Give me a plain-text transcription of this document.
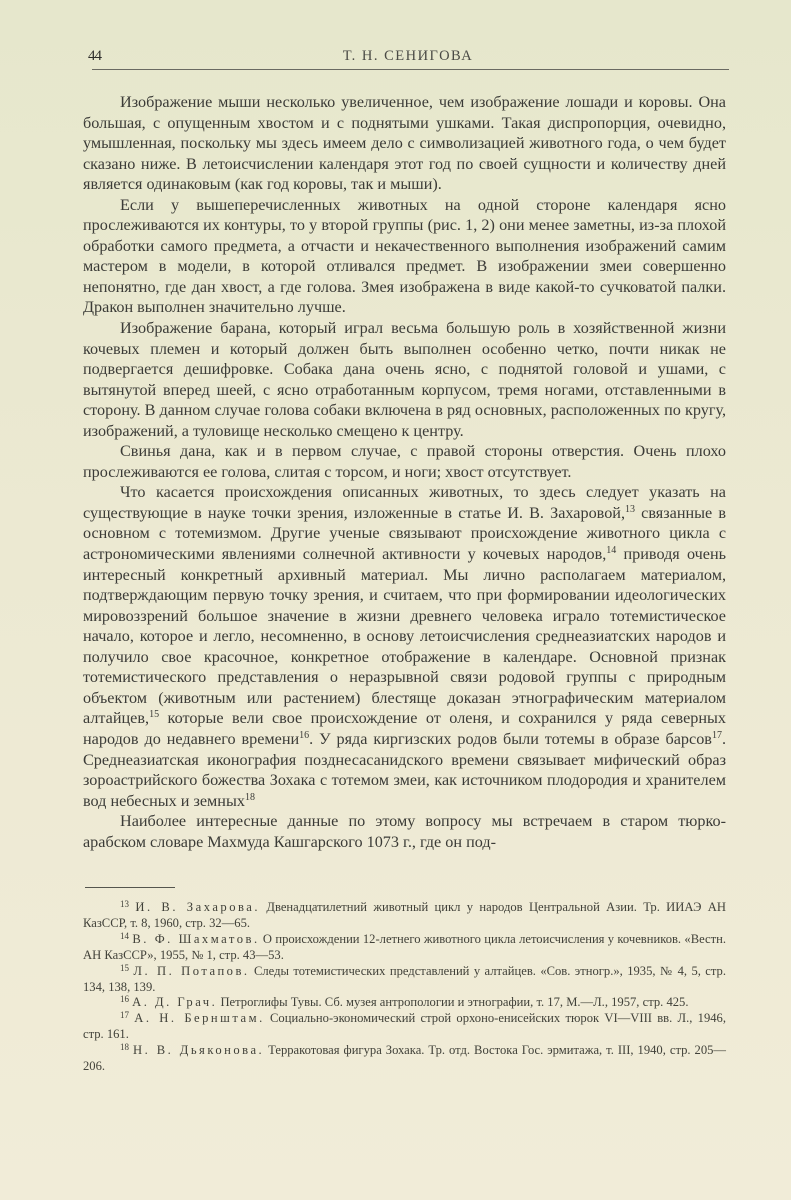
44	Т. Н. СЕНИГОВА

Изображение мыши несколько увеличенное, чем изображение лошади и коровы. Она большая, с опущенным хвостом и с поднятыми ушками. Такая диспропорция, очевидно, умышленная, поскольку мы здесь имеем дело с символизацией животного года, о чем будет сказано ниже. В летоисчислении календаря этот год по своей сущности и количеству дней является одинаковым (как год коровы, так и мыши).

Если у вышеперечисленных животных на одной стороне календаря ясно прослеживаются их контуры, то у второй группы (рис. 1, 2) они менее заметны, из-за плохой обработки самого предмета, а отчасти и некачественного выполнения изображений самим мастером в модели, в которой отливался предмет. В изображении змеи совершенно непонятно, где дан хвост, а где голова. Змея изображена в виде какой-то сучковатой палки. Дракон выполнен значительно лучше.

Изображение барана, который играл весьма большую роль в хозяйственной жизни кочевых племен и который должен быть выполнен особенно четко, почти никак не подвергается дешифровке. Собака дана очень ясно, с поднятой головой и ушами, с вытянутой вперед шеей, с ясно отработанным корпусом, тремя ногами, отставленными в сторону. В данном случае голова собаки включена в ряд основных, расположенных по кругу, изображений, а туловище несколько смещено к центру.

Свинья дана, как и в первом случае, с правой стороны отверстия. Очень плохо прослеживаются ее голова, слитая с торсом, и ноги; хвост отсутствует.

Что касается происхождения описанных животных, то здесь следует указать на существующие в науке точки зрения, изложенные в статье И. В. Захаровой,$^{13}$ связанные в основном с тотемизмом. Другие ученые связывают происхождение животного цикла с астрономическими явлениями солнечной активности у кочевых народов,$^{14}$ приводя очень интересный конкретный архивный материал. Мы лично располагаем материалом, подтверждающим первую точку зрения, и считаем, что при формировании идеологических мировоззрений большое значение в жизни древнего человека играло тотемистическое начало, которое и легло, несомненно, в основу летоисчисления среднеазиатских народов и получило свое красочное, конкретное отображение в календаре. Основной признак тотемистического представления о неразрывной связи родовой группы с природным объектом (животным или растением) блестяще доказан этнографическим материалом алтайцев,$^{15}$ которые вели свое происхождение от оленя, и сохранился у ряда северных народов до недавнего времени$^{16}$. У ряда киргизских родов были тотемы в образе барсов$^{17}$. Среднеазиатская иконография позднесасанидского времени связывает мифический образ зороастрийского божества Зохака с тотемом змеи, как источником плодородия и хранителем вод небесных и земных$^{18}$

Наиболее интересные данные по этому вопросу мы встречаем в старом тюрко-арабском словаре Махмуда Кашгарского 1073 г., где он под-

$^{13}$ И. В. Захарова. Двенадцатилетний животный цикл у народов Центральной Азии. Тр. ИИАЭ АН КазССР, т. 8, 1960, стр. 32—65.

$^{14}$ В. Ф. Шахматов. О происхождении 12-летнего животного цикла летоисчисления у кочевников. «Вестн. АН КазССР», 1955, № 1, стр. 43—53.

$^{15}$ Л. П. Потапов. Следы тотемистических представлений у алтайцев. «Сов. этногр.», 1935, № 4, 5, стр. 134, 138, 139.

$^{16}$ А. Д. Грач. Петроглифы Тувы. Сб. музея антропологии и этнографии, т. 17, М.—Л., 1957, стр. 425.

$^{17}$ А. Н. Бернштам. Социально-экономический строй орхоно-енисейских тюрок VI—VIII вв. Л., 1946, стр. 161.

$^{18}$ Н. В. Дьяконова. Терракотовая фигура Зохака. Тр. отд. Востока Гос. эрмитажа, т. III, 1940, стр. 205—206.
